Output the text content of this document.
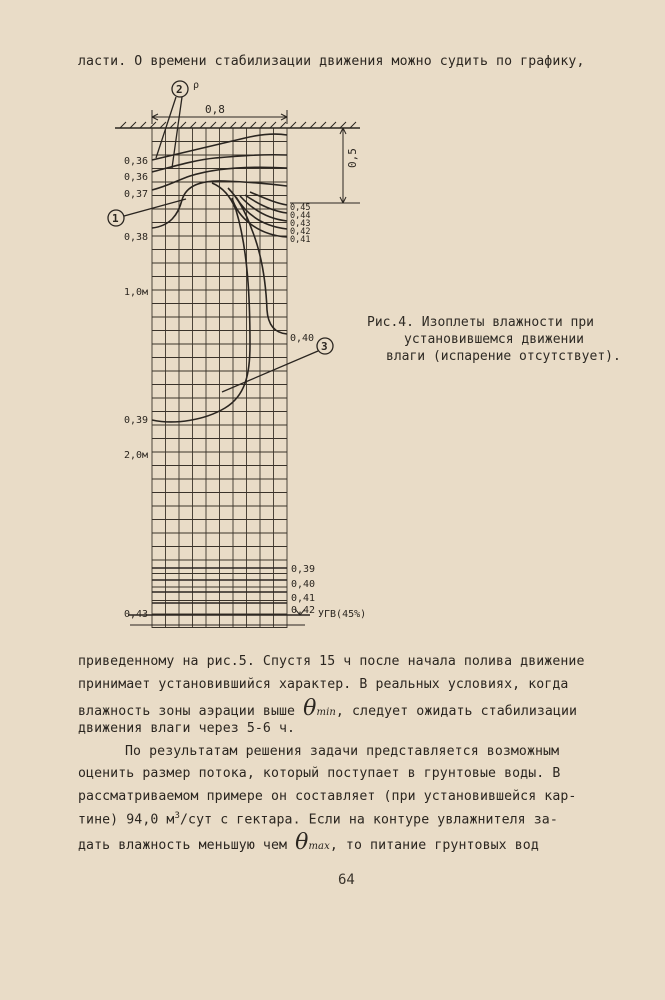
ласти. О времени стабилизации движения можно судить по графику,
0,8
0,5
2 ρ
1
3
0,36
0,36
0,37
0,38
1,0м
0,39
2,0м
0,43
0,45
0,44
0,43
0,42
0,41
0,40
0,39
0,40
0,41
0,42 УГВ(45%)
Рис.4. Изоплеты влажности при
установившемся движении
влаги (испарение отсутствует).
приведенному на рис.5. Спустя 15 ч после начала полива движение
принимает установившийся характер. В реальных условиях, когда
влажность зоны аэрации выше θmin, следует ожидать стабилизации
движения влаги через 5-6 ч.
По результатам решения задачи представляется возможным
оценить размер потока, который поступает в грунтовые воды. В
рассматриваемом примере он составляет (при установившейся кар-
тине) 94,0 $м^3$/сут с гектара. Если на контуре увлажнителя за-
дать влажность меньшую чем θmax, то питание грунтовых вод
64
